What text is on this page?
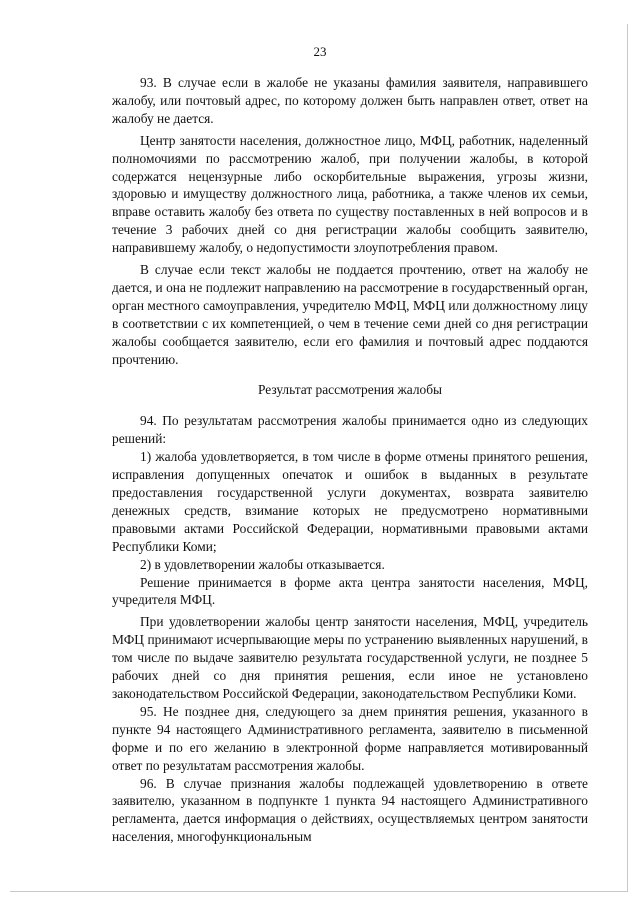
23

93. В случае если в жалобе не указаны фамилия заявителя, направившего жалобу, или почтовый адрес, по которому должен быть направлен ответ, ответ на жалобу не дается.

Центр занятости населения, должностное лицо, МФЦ, работник, наделенный полномочиями по рассмотрению жалоб, при получении жалобы, в которой содержатся нецензурные либо оскорбительные выражения, угрозы жизни, здоровью и имуществу должностного лица, работника, а также членов их семьи, вправе оставить жалобу без ответа по существу поставленных в ней вопросов и в течение 3 рабочих дней со дня регистрации жалобы сообщить заявителю, направившему жалобу, о недопустимости злоупотребления правом.

В случае если текст жалобы не поддается прочтению, ответ на жалобу не дается, и она не подлежит направлению на рассмотрение в государственный орган, орган местного самоуправления, учредителю МФЦ, МФЦ или должностному лицу в соответствии с их компетенцией, о чем в течение семи дней со дня регистрации жалобы сообщается заявителю, если его фамилия и почтовый адрес поддаются прочтению.

Результат рассмотрения жалобы

94. По результатам рассмотрения жалобы принимается одно из следующих решений:

1) жалоба удовлетворяется, в том числе в форме отмены принятого решения, исправления допущенных опечаток и ошибок в выданных в результате предоставления государственной услуги документах, возврата заявителю денежных средств, взимание которых не предусмотрено нормативными правовыми актами Российской Федерации, нормативными правовыми актами Республики Коми;

2) в удовлетворении жалобы отказывается.

Решение принимается в форме акта центра занятости населения, МФЦ, учредителя МФЦ.

При удовлетворении жалобы центр занятости населения, МФЦ, учредитель МФЦ принимают исчерпывающие меры по устранению выявленных нарушений, в том числе по выдаче заявителю результата государственной услуги, не позднее 5 рабочих дней со дня принятия решения, если иное не установлено законодательством Российской Федерации, законодательством Республики Коми.

95. Не позднее дня, следующего за днем принятия решения, указанного в пункте 94 настоящего Административного регламента, заявителю в письменной форме и по его желанию в электронной форме направляется мотивированный ответ по результатам рассмотрения жалобы.

96. В случае признания жалобы подлежащей удовлетворению в ответе заявителю, указанном в подпункте 1 пункта 94 настоящего Административного регламента, дается информация о действиях, осуществляемых центром занятости населения, многофункциональным
